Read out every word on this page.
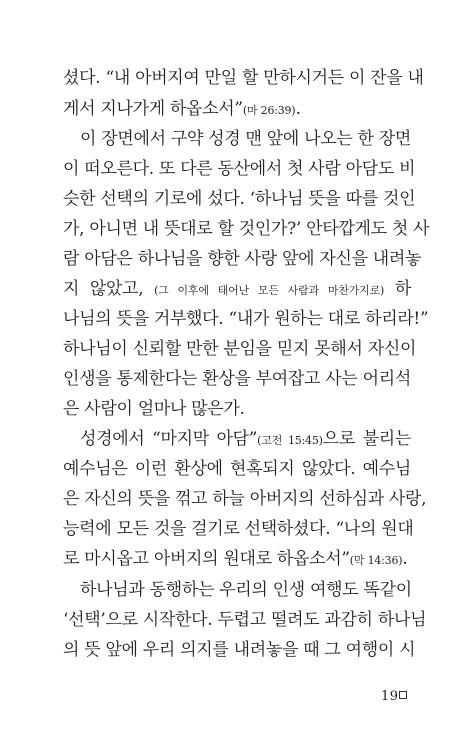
셨다. “내 아버지여 만일 할 만하시거든 이 잔을 내
게서 지나가게 하옵소서”(마 26:39).
이 장면에서 구약 성경 맨 앞에 나오는 한 장면
이 떠오른다. 또 다른 동산에서 첫 사람 아담도 비
슷한 선택의 기로에 섰다. ‘하나님 뜻을 따를 것인
가, 아니면 내 뜻대로 할 것인가?’ 안타깝게도 첫 사
람 아담은 하나님을 향한 사랑 앞에 자신을 내려놓
지 않았고, (그 이후에 태어난 모든 사람과 마찬가지로) 하
나님의 뜻을 거부했다. “내가 원하는 대로 하리라!”
하나님이 신뢰할 만한 분임을 믿지 못해서 자신이
인생을 통제한다는 환상을 부여잡고 사는 어리석
은 사람이 얼마나 많은가.
성경에서 “마지막 아담”(고전 15:45)으로 불리는
예수님은 이런 환상에 현혹되지 않았다. 예수님
은 자신의 뜻을 꺾고 하늘 아버지의 선하심과 사랑,
능력에 모든 것을 걸기로 선택하셨다. “나의 원대
로 마시옵고 아버지의 원대로 하옵소서”(막 14:36).
하나님과 동행하는 우리의 인생 여행도 똑같이
‘선택’으로 시작한다. 두렵고 떨려도 과감히 하나님
의 뜻 앞에 우리 의지를 내려놓을 때 그 여행이 시
19
